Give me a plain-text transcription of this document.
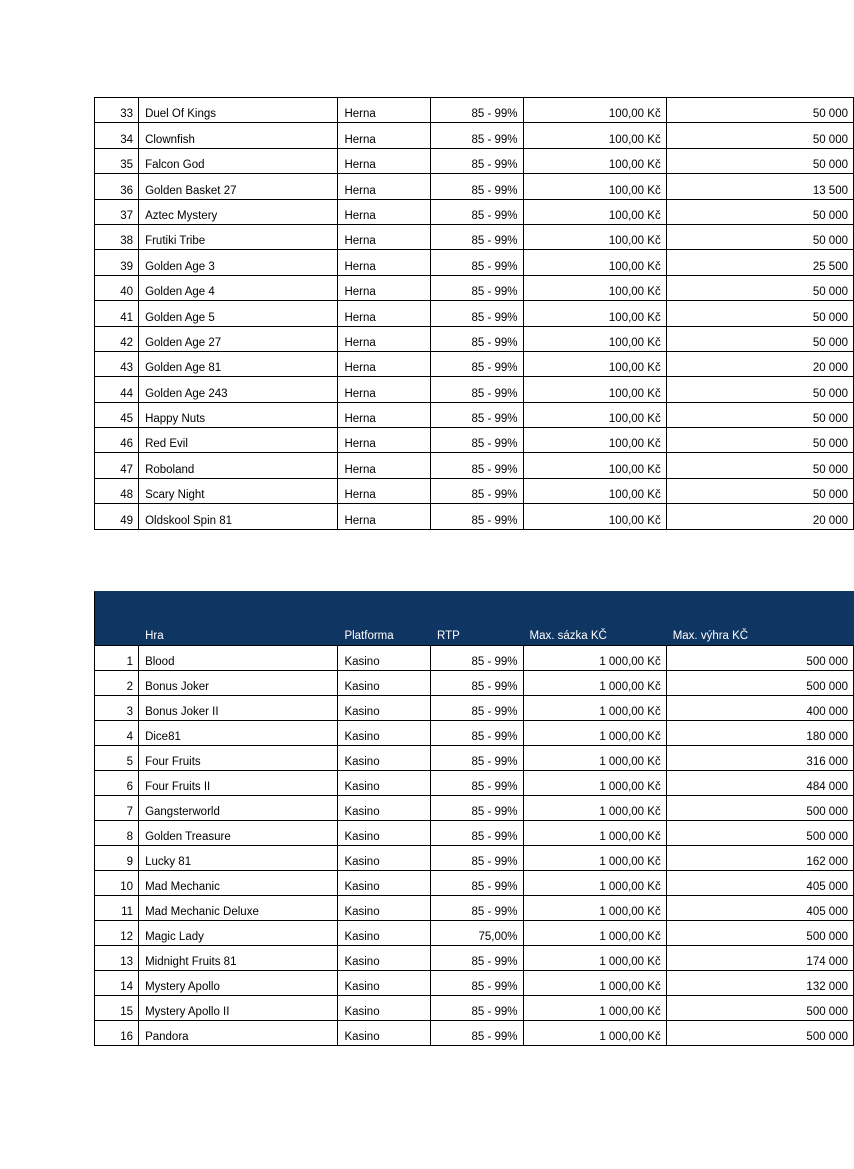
33	Duel Of Kings	Herna	85 - 99%	100,00 Kč	50 000
34	Clownfish	Herna	85 - 99%	100,00 Kč	50 000
35	Falcon God	Herna	85 - 99%	100,00 Kč	50 000
36	Golden Basket 27	Herna	85 - 99%	100,00 Kč	13 500
37	Aztec Mystery	Herna	85 - 99%	100,00 Kč	50 000
38	Frutiki Tribe	Herna	85 - 99%	100,00 Kč	50 000
39	Golden Age 3	Herna	85 - 99%	100,00 Kč	25 500
40	Golden Age 4	Herna	85 - 99%	100,00 Kč	50 000
41	Golden Age 5	Herna	85 - 99%	100,00 Kč	50 000
42	Golden Age 27	Herna	85 - 99%	100,00 Kč	50 000
43	Golden Age 81	Herna	85 - 99%	100,00 Kč	20 000
44	Golden Age 243	Herna	85 - 99%	100,00 Kč	50 000
45	Happy Nuts	Herna	85 - 99%	100,00 Kč	50 000
46	Red Evil	Herna	85 - 99%	100,00 Kč	50 000
47	Roboland	Herna	85 - 99%	100,00 Kč	50 000
48	Scary Night	Herna	85 - 99%	100,00 Kč	50 000
49	Oldskool Spin 81	Herna	85 - 99%	100,00 Kč	20 000
	Hra	Platforma	RTP	Max. sázka KČ	Max. výhra KČ
1	Blood	Kasino	85 - 99%	1 000,00 Kč	500 000
2	Bonus Joker	Kasino	85 - 99%	1 000,00 Kč	500 000
3	Bonus Joker II	Kasino	85 - 99%	1 000,00 Kč	400 000
4	Dice81	Kasino	85 - 99%	1 000,00 Kč	180 000
5	Four Fruits	Kasino	85 - 99%	1 000,00 Kč	316 000
6	Four Fruits II	Kasino	85 - 99%	1 000,00 Kč	484 000
7	Gangsterworld	Kasino	85 - 99%	1 000,00 Kč	500 000
8	Golden Treasure	Kasino	85 - 99%	1 000,00 Kč	500 000
9	Lucky 81	Kasino	85 - 99%	1 000,00 Kč	162 000
10	Mad Mechanic	Kasino	85 - 99%	1 000,00 Kč	405 000
11	Mad Mechanic Deluxe	Kasino	85 - 99%	1 000,00 Kč	405 000
12	Magic Lady	Kasino	75,00%	1 000,00 Kč	500 000
13	Midnight Fruits 81	Kasino	85 - 99%	1 000,00 Kč	174 000
14	Mystery Apollo	Kasino	85 - 99%	1 000,00 Kč	132 000
15	Mystery Apollo II	Kasino	85 - 99%	1 000,00 Kč	500 000
16	Pandora	Kasino	85 - 99%	1 000,00 Kč	500 000
